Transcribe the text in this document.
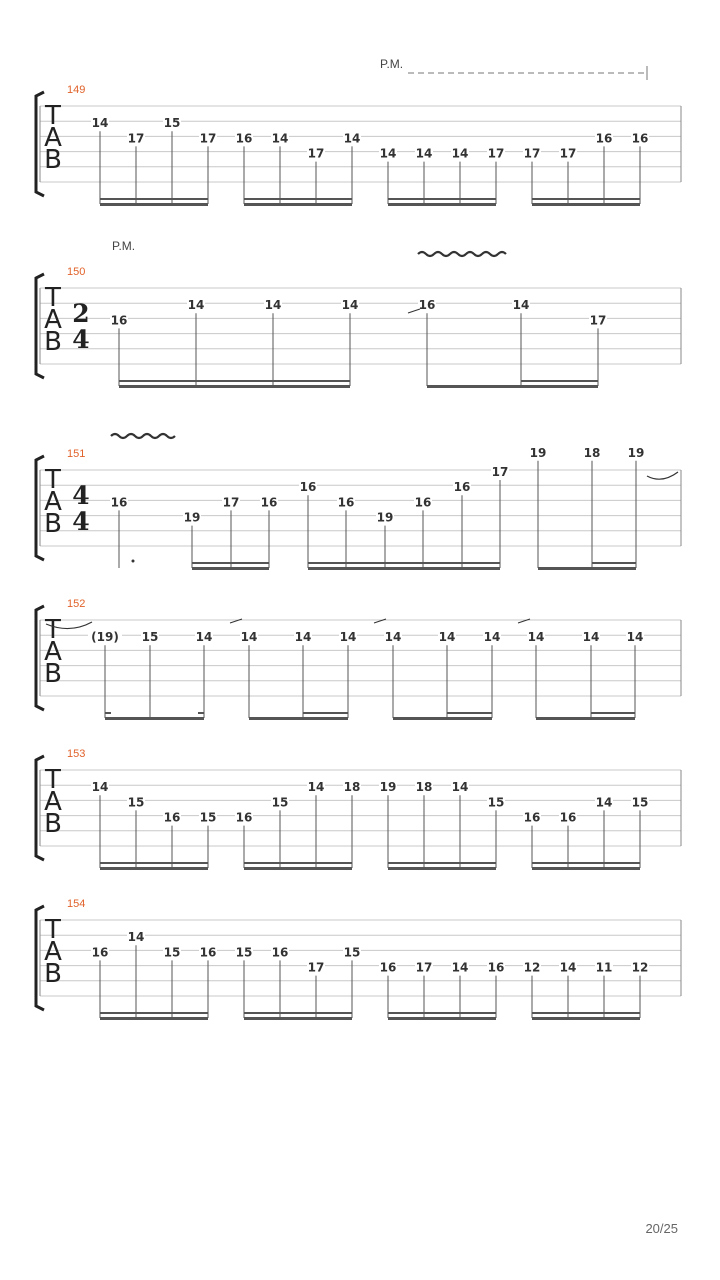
T
A
B
149
P.M.
14
17
15
17 16 14
17
14
14 14 14 17 17 17
16 16
T
A
B
150
2
4
P.M.
16
14	14	14	16	14
17
T
A
B
151
4
4
16
19
17 16
16
16
19
16
16
17
19	18 19
T
A
B
152
(19) 15	14 14	14 14 14	14 14 14	14 14
T
A
B
153
14
15
16 15 16
15
14 18 19 18 14
15
16 16
14 15
T
A
B
154
16
14
15 16 15 16
17
15
16 17 14 16 12 14 11 12
20/25
